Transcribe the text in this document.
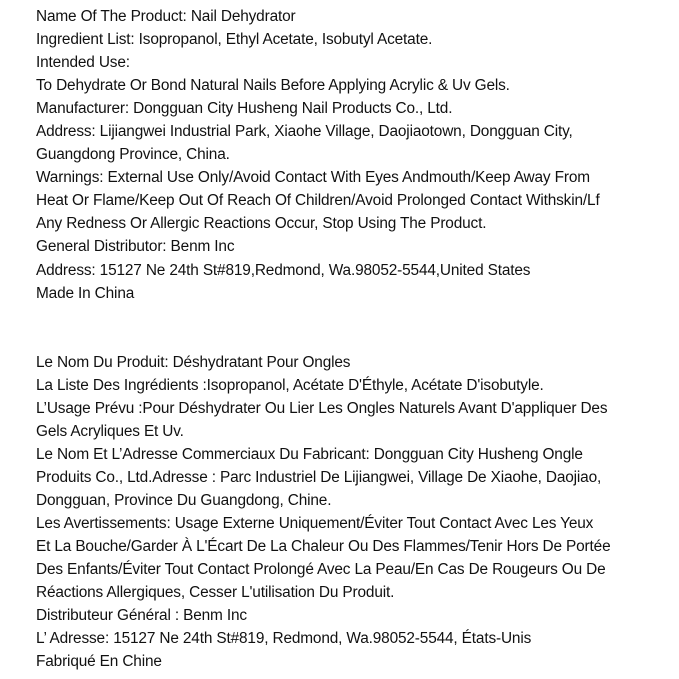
Name Of The Product: Nail Dehydrator
Ingredient List: Isopropanol, Ethyl Acetate, Isobutyl Acetate.
Intended Use:
To Dehydrate Or Bond Natural Nails Before Applying Acrylic & Uv Gels.
Manufacturer: Dongguan City Husheng Nail Products Co., Ltd.
Address: Lijiangwei Industrial Park, Xiaohe Village, Daojiaotown, Dongguan City,
Guangdong Province, China.
Warnings: External Use Only/Avoid Contact With Eyes Andmouth/Keep Away From
Heat Or Flame/Keep Out Of Reach Of Children/Avoid Prolonged Contact Withskin/Lf
Any Redness Or Allergic Reactions Occur, Stop Using The Product.
General Distributor: Benm Inc
Address: 15127 Ne 24th St#819,Redmond, Wa.98052-5544,United States
Made In China
Le Nom Du Produit: Déshydratant Pour Ongles
La Liste Des Ingrédients :Isopropanol, Acétate D'Éthyle, Acétate D'isobutyle.
L’Usage Prévu :Pour Déshydrater Ou Lier Les Ongles Naturels Avant D'appliquer Des
Gels Acryliques Et Uv.
Le Nom Et L’Adresse Commerciaux Du Fabricant: Dongguan City Husheng Ongle
Produits Co., Ltd.Adresse : Parc Industriel De Lijiangwei, Village De Xiaohe, Daojiao,
Dongguan, Province Du Guangdong, Chine.
Les Avertissements: Usage Externe Uniquement/Éviter Tout Contact Avec Les Yeux
Et La Bouche/Garder À L'Écart De La Chaleur Ou Des Flammes/Tenir Hors De Portée
Des Enfants/Éviter Tout Contact Prolongé Avec La Peau/En Cas De Rougeurs Ou De
Réactions Allergiques, Cesser L'utilisation Du Produit.
Distributeur Général : Benm Inc
L’ Adresse: 15127 Ne 24th St#819, Redmond, Wa.98052-5544, États-Unis
Fabriqué En Chine
